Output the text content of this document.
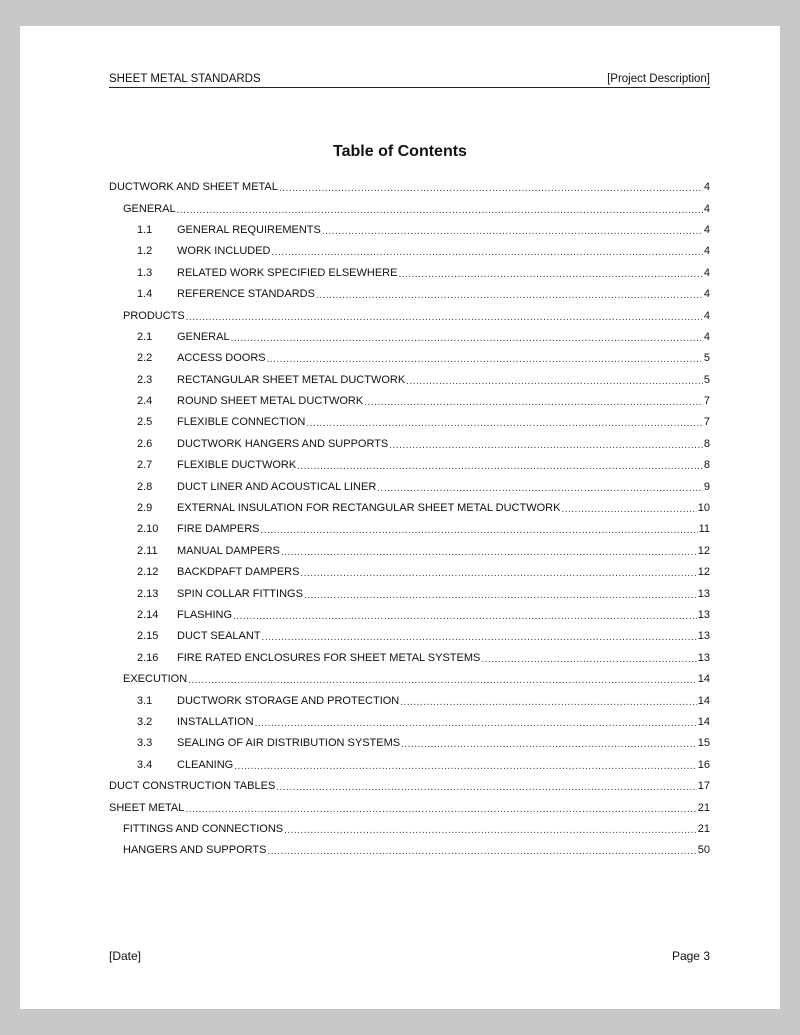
SHEET METAL STANDARDS	[Project Description]
Table of Contents
DUCTWORK AND SHEET METAL .....	4
GENERAL .....	4
1.1	GENERAL REQUIREMENTS .....	4
1.2	WORK INCLUDED .....	4
1.3	RELATED WORK SPECIFIED ELSEWHERE .....	4
1.4	REFERENCE STANDARDS .....	4
PRODUCTS .....	4
2.1	GENERAL .....	4
2.2	ACCESS DOORS .....	5
2.3	RECTANGULAR SHEET METAL DUCTWORK .....	5
2.4	ROUND SHEET METAL DUCTWORK .....	7
2.5	FLEXIBLE CONNECTION .....	7
2.6	DUCTWORK HANGERS AND SUPPORTS .....	8
2.7	FLEXIBLE DUCTWORK .....	8
2.8	DUCT LINER AND ACOUSTICAL LINER .....	9
2.9	EXTERNAL INSULATION FOR RECTANGULAR SHEET METAL DUCTWORK .....	10
2.10	FIRE DAMPERS .....	11
2.11	MANUAL DAMPERS .....	12
2.12	BACKDPAFT DAMPERS .....	12
2.13	SPIN COLLAR FITTINGS .....	13
2.14	FLASHING .....	13
2.15	DUCT SEALANT .....	13
2.16	FIRE RATED ENCLOSURES FOR SHEET METAL SYSTEMS .....	13
EXECUTION .....	14
3.1	DUCTWORK STORAGE AND PROTECTION .....	14
3.2	INSTALLATION .....	14
3.3	SEALING OF AIR DISTRIBUTION SYSTEMS .....	15
3.4	CLEANING .....	16
DUCT CONSTRUCTION TABLES .....	17
SHEET METAL .....	21
FITTINGS AND CONNECTIONS .....	21
HANGERS AND SUPPORTS .....	50
[Date]	Page 3
